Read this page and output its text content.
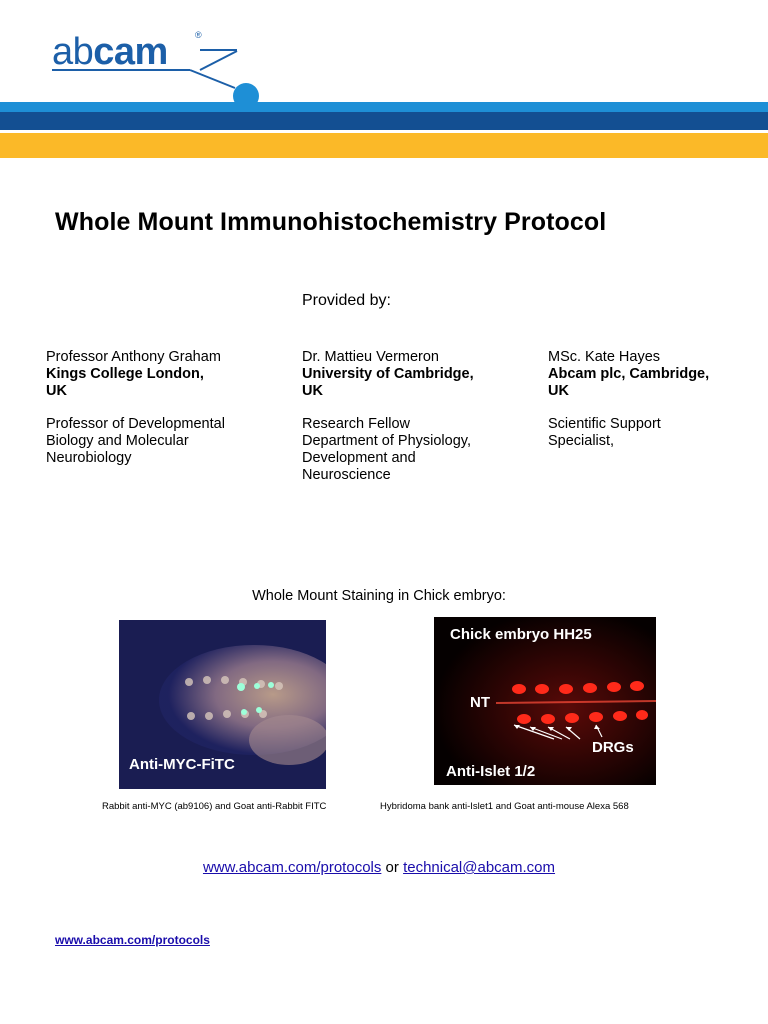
abcam	®
Whole Mount Immunohistochemistry Protocol
Provided by:
Professor Anthony Graham
Kings College London,
UK
Professor of Developmental
Biology and Molecular
Neurobiology
Dr. Mattieu Vermeron
University of Cambridge,
UK
Research Fellow
Department of Physiology,
Development and
Neuroscience
MSc. Kate Hayes
Abcam plc, Cambridge,
UK
Scientific Support
Specialist,
Whole Mount Staining in Chick embryo:
Anti-MYC-FiTC
Chick embryo HH25
NT
DRGs
Anti-Islet 1/2
Rabbit anti-MYC (ab9106) and Goat anti-Rabbit FITC	Hybridoma bank anti-Islet1 and Goat anti-mouse Alexa 568
www.abcam.com/protocols or technical@abcam.com
www.abcam.com/protocols
